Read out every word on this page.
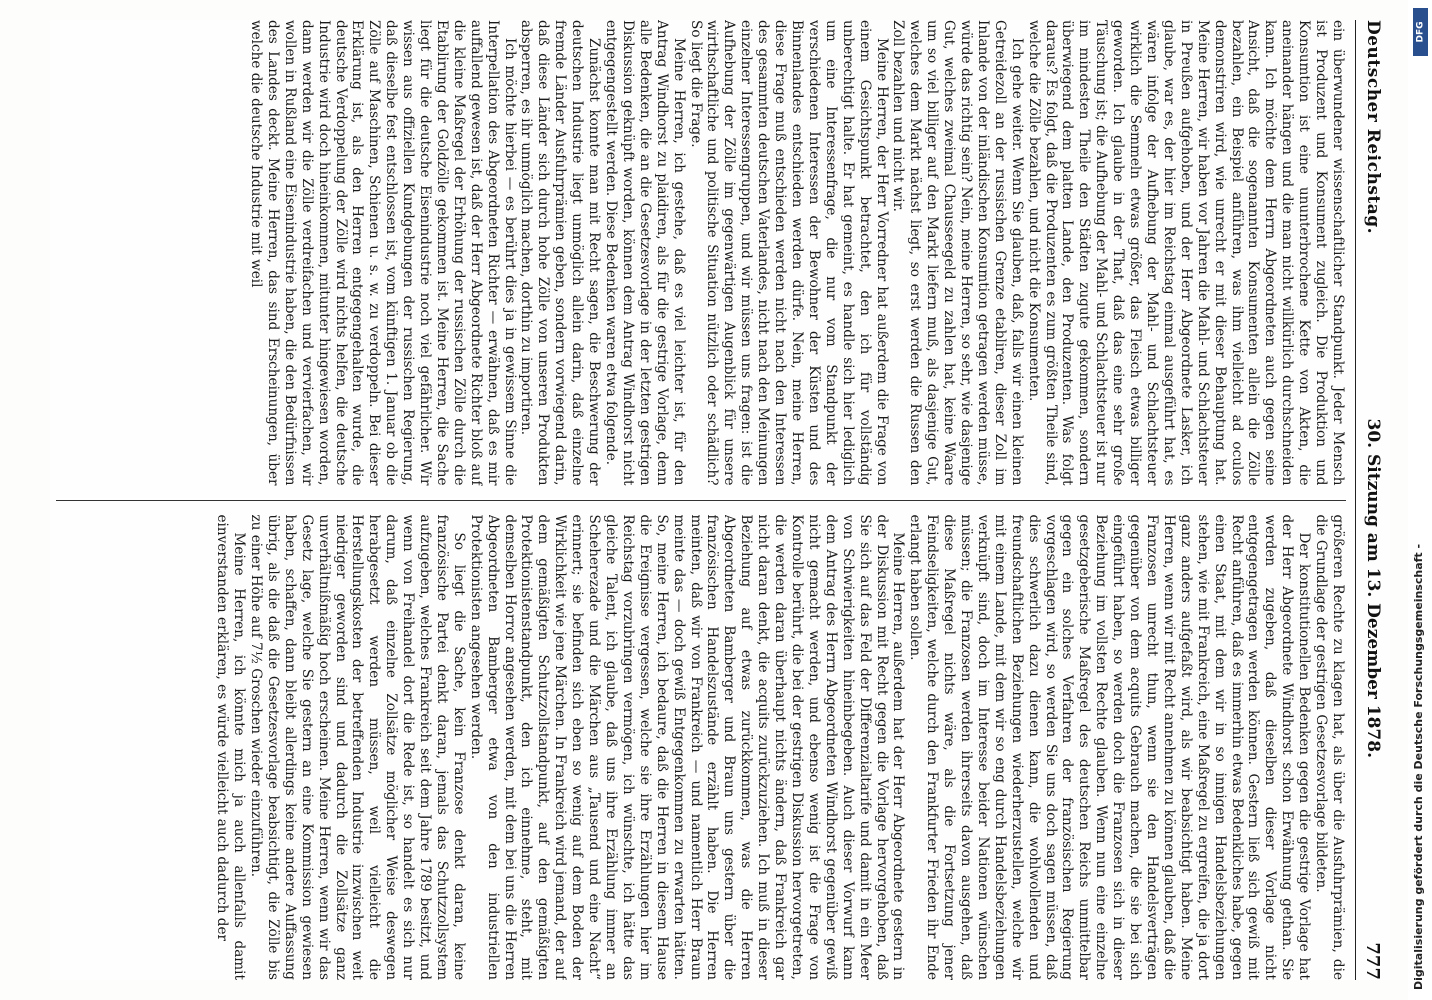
Deutscher Reichstag.
30. Sitzung am 13. Dezember 1878.
777

ein überwundener wissenschaftlicher Standpunkt. Jeder Mensch ist Produzent und Konsument zugleich. Die Produktion und Konsumtion ist eine ununterbrochene Kette von Akten, die aneinander hängen und die man nicht willkürlich durchschneiden kann. Ich möchte dem Herrn Abgeordneten auch gegen seine Ansicht, daß die sogenannten Konsumenten allein die Zölle bezahlen, ein Beispiel anführen, was ihm vielleicht ad oculos demonstriren wird, wie unrecht er mit dieser Behauptung hat. Meine Herren, wir haben vor Jahren die Mahl- und Schlachtsteuer in Preußen aufgehoben, und der Herr Abgeordnete Lasker, ich glaube, war es, der hier im Reichstag einmal ausgeführt hat, es wären infolge der Aufhebung der Mahl- und Schlachtsteuer wirklich die Semmeln etwas größer, das Fleisch etwas billiger geworden. Ich glaube in der That, daß das eine sehr große Täuschung ist; die Aufhebung der Mahl- und Schlachtsteuer ist nur im mindesten Theile den Städten zugute gekommen, sondern überwiegend dem platten Lande, den Produzenten. Was folgt daraus? Es folgt, daß die Produzenten es zum größten Theile sind, welche die Zölle bezahlen, und nicht die Konsumenten.

Ich gehe weiter. Wenn Sie glauben, daß, falls wir einen kleinen Getreidezoll an der russischen Grenze etabliren, dieser Zoll im Inlande von der inländischen Konsumtion getragen werden müsse, würde das richtig sein? Nein, meine Herren, so sehr, wie dasjenige Gut, welches zweimal Chausseegeld zu zahlen hat, keine Waare um so viel billiger auf den Markt liefern muß, als dasjenige Gut, welches dem Markt nächst liegt, so erst werden die Russen den Zoll bezahlen und nicht wir.

Meine Herren, der Herr Vorredner hat außerdem die Frage von einem Gesichtspunkt betrachtet, den ich für vollständig unberechtigt halte. Er hat gemeint, es handle sich hier lediglich um eine Interessenfrage, die nur vom Standpunkt der verschiedenen Interessen der Bewohner der Küsten und des Binnenlandes entschieden werden dürfe. Nein, meine Herren, diese Frage muß entschieden werden nicht nach den Interessen des gesammten deutschen Vaterlandes, nicht nach den Meinungen einzelner Interessengruppen, und wir müssen uns fragen: ist die Aufhebung der Zölle im gegenwärtigen Augenblick für unsere wirthschaftliche und politische Situation nützlich oder schädlich? So liegt die Frage.

Meine Herren, ich gestehe, daß es viel leichter ist, für den Antrag Windhorst zu plaidiren, als für die gestrige Vorlage, denn alle Bedenken, die an die Gesetzesvorlage in der letzten gestrigen Diskussion geknüpft worden, können dem Antrag Windhorst nicht entgegengestellt werden. Diese Bedenken waren etwa folgende.

Zunächst konnte man mit Recht sagen, die Beschwerung der deutschen Industrie liegt unmöglich allein darin, daß einzelne fremde Länder Ausfuhrprämien geben, sondern vorwiegend darin, daß diese Länder sich durch hohe Zölle von unseren Produkten absperren, es ihr unmöglich machen, dorthin zu importiren.

Ich möchte hierbei — es berührt dies ja in gewissem Sinne die Interpellation des Abgeordneten Richter — erwähnen, daß es mir auffallend gewesen ist, daß der Herr Abgeordnete Richter bloß auf die kleine Maßregel der Erhöhung der russischen Zölle durch die Etablirung der Goldzölle gekommen ist. Meine Herren, die Sache liegt für die deutsche Eisenindustrie noch viel gefährlicher. Wir wissen aus offiziellen Kundgebungen der russischen Regierung, daß dieselbe fest entschlossen ist, vom künftigen 1. Januar ob die Zölle auf Maschinen, Schienen u. s. w. zu verdoppeln. Bei dieser Erklärung ist, als den Herren entgegengehalten wurde, die deutsche Verdoppelung der Zölle wird nichts helfen, die deutsche Industrie wird doch hineinkommen, mitunter hingewiesen worden, dann werden wir die Zölle verdreifachen und vervierfachen, wir wollen in Rußland eine Eisenindustrie haben, die den Bedürfnissen des Landes deckt. Meine Herren, das sind Erscheinungen, über welche die deutsche Industrie mit weil

größeren Rechte zu klagen hat, als über die Ausfuhrprämien, die die Grundlage der gestrigen Gesetzesvorlage bildeten.

Der konstitutionellen Bedenken gegen die gestrige Vorlage hat der Herr Abgeordnete Windhorst schon Erwähnung gethan. Sie werden zugeben, daß dieselben dieser Vorlage nicht entgegengetragen werden können. Gestern ließ sich gewiß mit Recht anführen, daß es immerhin etwas Bedenkliches habe, gegen einen Staat, mit dem wir in so innigen Handelsbeziehungen stehen, wie mit Frankreich, eine Maßregel zu ergreifen, die ja dort ganz anders aufgefaßt wird, als wir beabsichtigt haben. Meine Herren, wenn wir mit Recht annehmen zu können glauben, daß die Franzosen unrecht thun, wenn sie den Handelsverträgen gegenüber von dem acquits Gebrauch machen, die sie bei sich eingeführt haben, so werden doch die Franzosen sich in dieser Beziehung im vollsten Rechte glauben. Wenn nun eine einzelne gesetzgeberische Maßregel des deutschen Reichs unmittelbar gegen ein solches Verfahren der französischen Regierung vorgeschlagen wird, so werden Sie uns doch sagen müssen, daß dies schwerlich dazu dienen kann, die wohlwollenden und freundschaftlichen Beziehungen wiederherzustellen, welche wir mit einem Lande, mit dem wir so eng durch Handelsbeziehungen verknüpft sind, doch im Interesse beider Nationen wünschen müssen; die Franzosen werden ihrerseits davon ausgehen, daß diese Maßregel nichts wäre, als die Fortsetzung jener Feindseligkeiten, welche durch den Frankfurter Frieden ihr Ende erlangt haben sollen.

Meine Herren, außerdem hat der Herr Abgeordnete gestern in der Diskussion mit Recht gegen die Vorlage hervorgehoben, daß Sie sich auf das Feld der Differenzialtarife und damit in ein Meer von Schwierigkeiten hineinbegeben. Auch dieser Vorwurf kann dem Antrag des Herrn Abgeordneten Windhorst gegenüber gewiß nicht gemacht werden, und ebenso wenig ist die Frage von Kontrolle berührt, die bei der gestrigen Diskussion hervorgetreten, die werden daran überhaupt nichts ändern, daß Frankreich gar nicht daran denkt, die acquits zurückzuziehen. Ich muß in dieser Beziehung auf etwas zurückkommen, was die Herren Abgeordneten Bamberger und Braun uns gestern über die französischen Handelszustände erzählt haben. Die Herren meinten, daß wir von Frankreich — und namentlich Herr Braun meinte das — doch gewiß Entgegenkommen zu erwarten hätten. So, meine Herren, ich bedaure, daß die Herren in diesem Hause die Ereignisse vergessen, welche sie ihre Erzählungen hier im Reichstag vorzubringen vermögen, ich wünschte, ich hätte das gleiche Talent, ich glaube, daß uns ihre Erzählung immer an Scheherezade und die Märchen aus „Tausend und eine Nacht“ erinnert; sie befinden sich eben so wenig auf dem Boden der Wirklichkeit wie jene Märchen. In Frankreich wird jemand, der auf dem gemäßigten Schutzzollstandpunkt, auf den gemäßigten Protektionistenstandpunkt, den ich einnehme, steht, mit demselben Horror angesehen werden, mit dem bei uns die Herren Abgeordneten Bamberger etwa von den industriellen Protektionisten angesehen werden.

So liegt die Sache, kein Franzose denkt daran, keine französische Partei denkt daran, jemals das Schutzzollsystem aufzugeben, welches Frankreich seit dem Jahre 1789 besitzt, und wenn von Freihandel dort die Rede ist, so handelt es sich nur darum, daß einzelne Zollsätze möglicher Weise deswegen herabgesetzt werden müssen, weil vielleicht die Herstellungskosten der betreffenden Industrie inzwischen weit niedriger geworden sind und dadurch die Zollsätze ganz unverhältnißmäßig hoch erscheinen. Meine Herren, wenn wir das Gesetz lage, welche Sie gestern an eine Kommission gewiesen haben, schaffen, dann bleibt allerdings keine andere Auffassung übrig, als die daß die Gesetzesvorlage beabsichtigt, die Zölle bis zu einer Höhe auf 7½ Groschen wieder einzuführen.

Meine Herren, ich könnte mich ja auch allenfalls damit einverstanden erklären, es würde vielleicht auch dadurch der

DFG
Digitalisierung gefördert durch die Deutsche Forschungsgemeinschaft -
